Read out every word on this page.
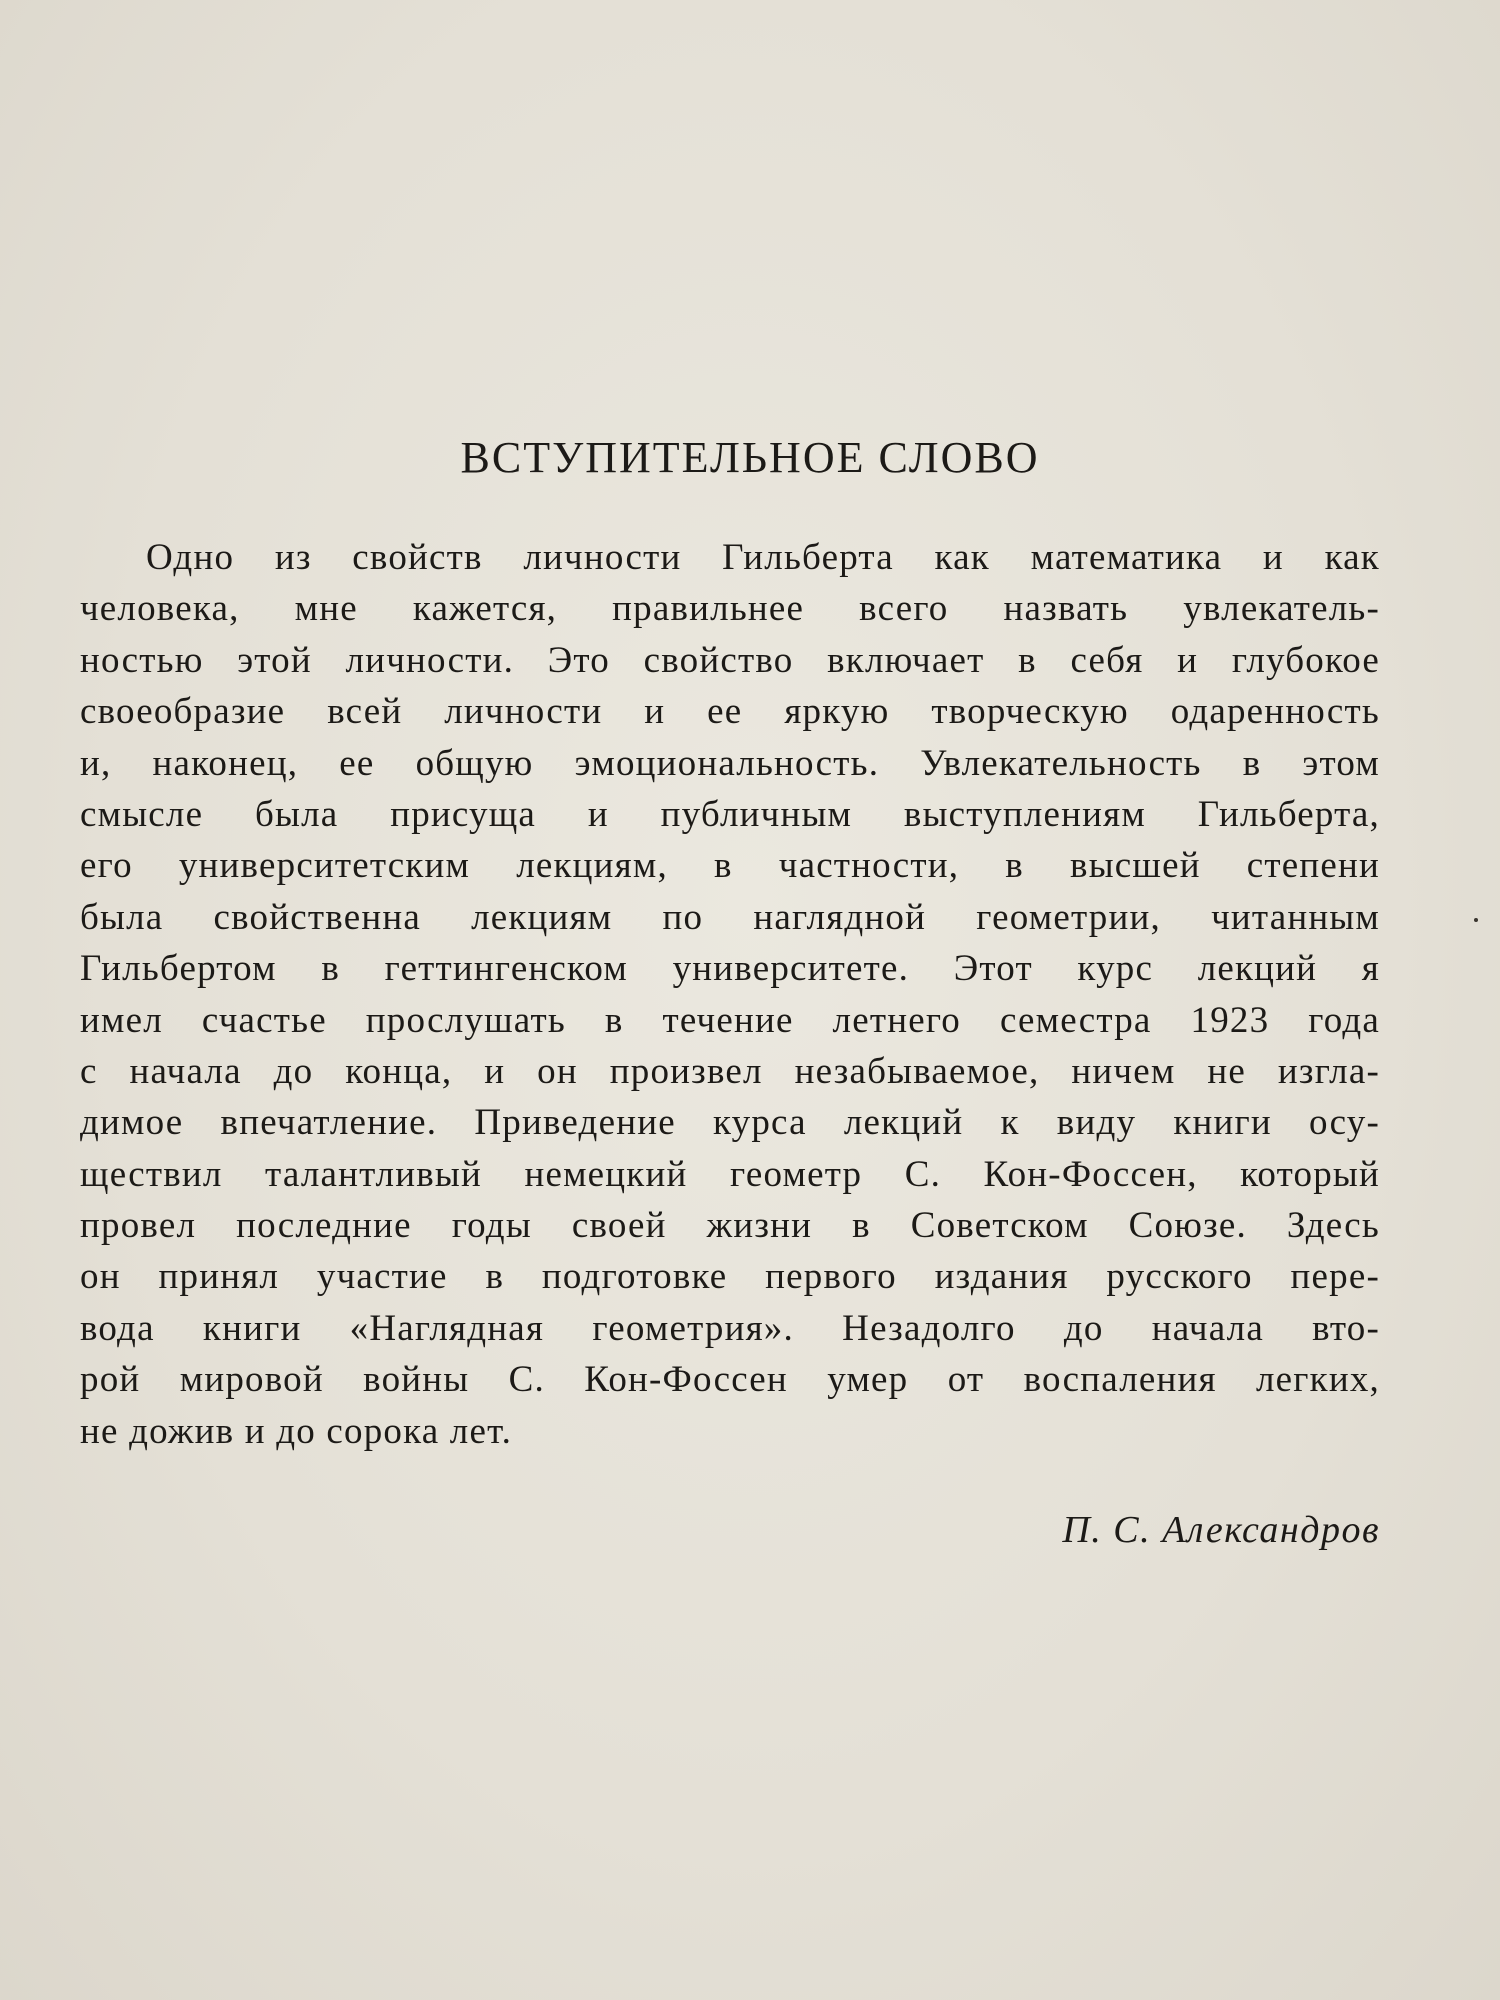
ВСТУПИТЕЛЬНОЕ СЛОВО
Одно из свойств личности Гильберта как математика и как
человека, мне кажется, правильнее всего назвать увлекатель-
ностью этой личности. Это свойство включает в себя и глубокое
своеобразие всей личности и ее яркую творческую одаренность
и, наконец, ее общую эмоциональность. Увлекательность в этом
смысле была присуща и публичным выступлениям Гильберта,
его университетским лекциям, в частности, в высшей степени
была свойственна лекциям по наглядной геометрии, читанным
Гильбертом в геттингенском университете. Этот курс лекций я
имел счастье прослушать в течение летнего семестра 1923 года
с начала до конца, и он произвел незабываемое, ничем не изгла-
димое впечатление. Приведение курса лекций к виду книги осу-
ществил талантливый немецкий геометр С. Кон-Фоссен, который
провел последние годы своей жизни в Советском Союзе. Здесь
он принял участие в подготовке первого издания русского пере-
вода книги «Наглядная геометрия». Незадолго до начала вто-
рой мировой войны С. Кон-Фоссен умер от воспаления легких,
не дожив и до сорока лет.
П. С. Александров
